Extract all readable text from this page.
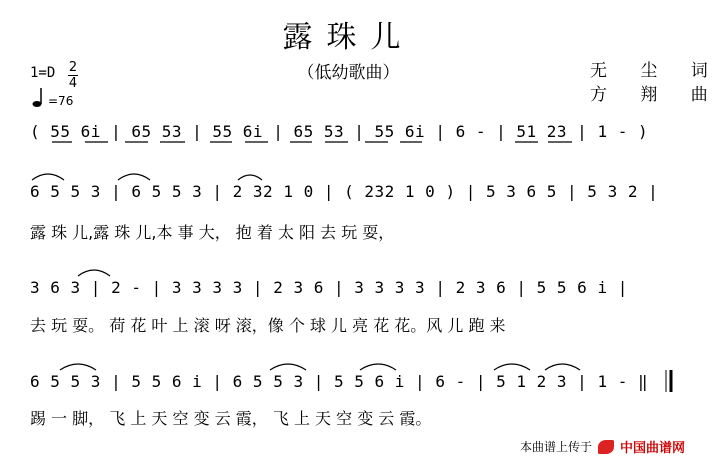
露珠儿
（低幼歌曲）	无 尘 词
方 翔 曲
1=D 2
4
=76
( 55 6i | 65 53 | 55 6i | 65 53 | 55 6i | 6 - | 51 23 | 1 - )
6 5 5 3 | 6 5 5 3 | 2 32 1 0 | ( 232 1 0 ) | 5 3 6 5 | 5 3 2 |
露 珠 儿,露 珠 儿,本 事 大， 抱 着 太 阳 去 玩 耍，
3 6 3 | 2 - | 3 3 3 3 | 2 3 6 | 3 3 3 3 | 2 3 6 | 5 5 6 i |
去 玩 耍。 荷 花 叶 上 滚 呀 滚，像 个 球 儿 亮 花 花。风 儿 跑 来
6 5 5 3 | 5 5 6 i | 6 5 5 3 | 5 5 6 i | 6 - | 5 1 2 3 | 1 - ‖
踢 一 脚， 飞 上 天 空 变 云 霞， 飞 上 天 空 变 云 霞。
本曲谱上传于 中国曲谱网
